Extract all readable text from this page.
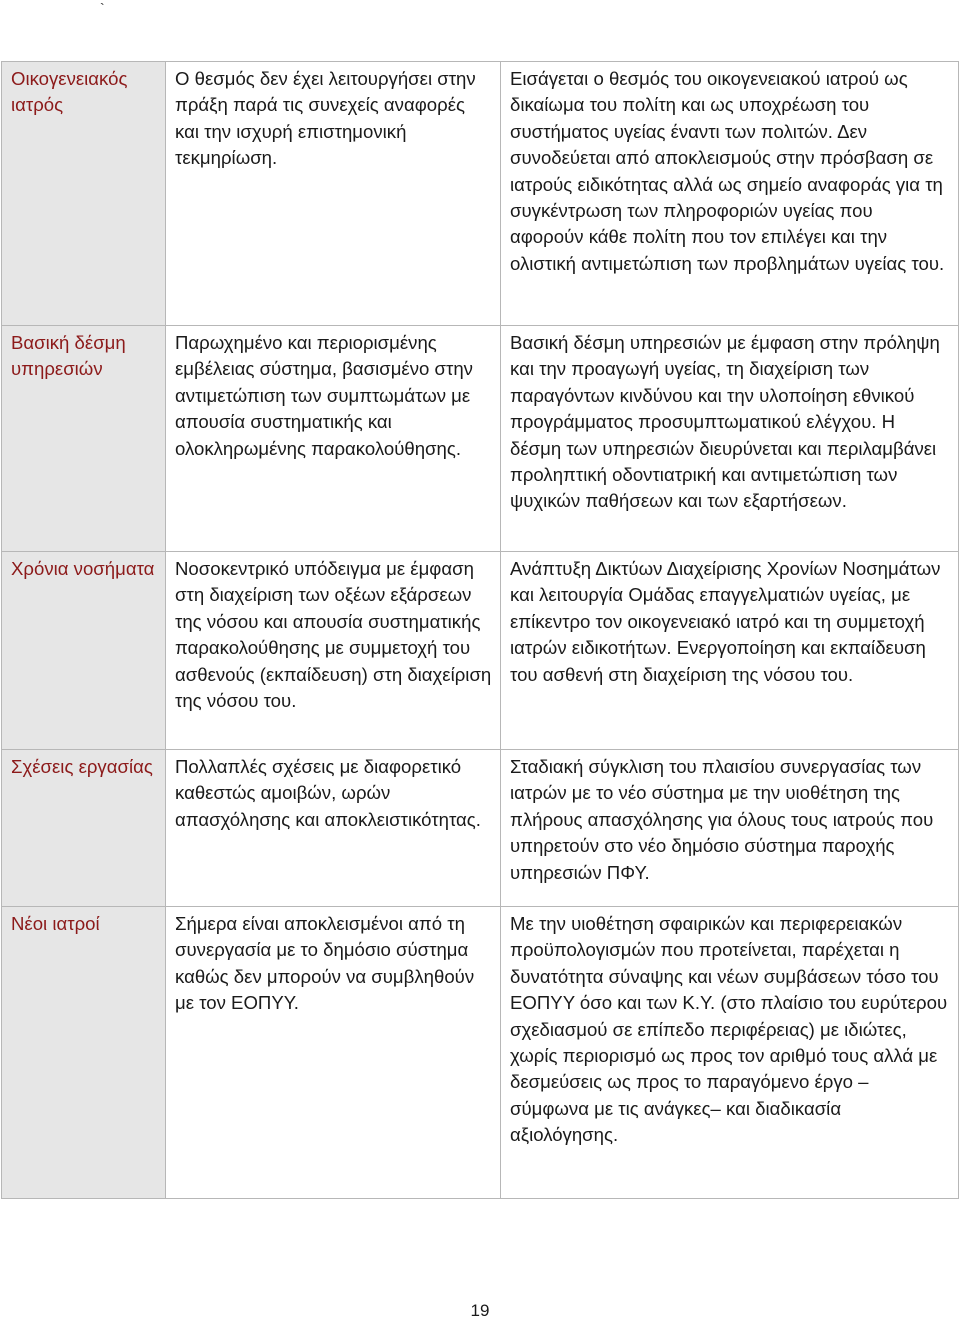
`
Οικογενειακός ιατρός	Ο θεσμός δεν έχει λειτουργήσει στην πράξη παρά τις συνεχείς αναφορές και την ισχυρή επιστημονική τεκμηρίωση.	Εισάγεται ο θεσμός του οικογενειακού ιατρού ως δικαίωμα του πολίτη και ως υποχρέωση του συστήματος υγείας έναντι των πολιτών. Δεν συνοδεύεται από αποκλεισμούς στην πρόσβαση σε ιατρούς ειδικότητας αλλά ως σημείο αναφοράς για τη συγκέντρωση των πληροφοριών υγείας που αφορούν κάθε πολίτη που τον επιλέγει και την ολιστική αντιμετώπιση των προβλημάτων υγείας του.
Βασική δέσμη υπηρεσιών	Παρωχημένο και περιορισμένης εμβέλειας σύστημα, βασισμένο στην αντιμετώπιση των συμπτωμάτων με απουσία συστηματικής και ολοκληρωμένης παρακολούθησης.	Βασική δέσμη υπηρεσιών με έμφαση στην πρόληψη και την προαγωγή υγείας, τη διαχείριση των παραγόντων κινδύνου και την υλοποίηση εθνικού προγράμματος προσυμπτωματικού ελέγχου. Η δέσμη των υπηρεσιών διευρύνεται και περιλαμβάνει προληπτική οδοντιατρική και αντιμετώπιση των ψυχικών παθήσεων και των εξαρτήσεων.
Χρόνια νοσήματα	Νοσοκεντρικό υπόδειγμα με έμφαση στη διαχείριση των οξέων εξάρσεων της νόσου και απουσία συστηματικής παρακολούθησης με συμμετοχή του ασθενούς (εκπαίδευση) στη διαχείριση της νόσου του.	Ανάπτυξη Δικτύων Διαχείρισης Χρονίων Νοσημάτων και λειτουργία Ομάδας επαγγελματιών υγείας, με επίκεντρο τον οικογενειακό ιατρό και τη συμμετοχή ιατρών ειδικοτήτων. Ενεργοποίηση και εκπαίδευση του ασθενή στη διαχείριση της νόσου του.
Σχέσεις εργασίας	Πολλαπλές σχέσεις με διαφορετικό καθεστώς αμοιβών, ωρών απασχόλησης και αποκλειστικότητας.	Σταδιακή σύγκλιση του πλαισίου συνεργασίας των ιατρών με το νέο σύστημα με την υιοθέτηση της πλήρους απασχόλησης για όλους τους ιατρούς που υπηρετούν στο νέο δημόσιο σύστημα παροχής υπηρεσιών ΠΦΥ.
Νέοι ιατροί	Σήμερα είναι αποκλεισμένοι από τη συνεργασία με το δημόσιο σύστημα καθώς δεν μπορούν να συμβληθούν με τον ΕΟΠΥΥ.	Με την υιοθέτηση σφαιρικών και περιφερειακών προϋπολογισμών που προτείνεται, παρέχεται η δυνατότητα σύναψης και νέων συμβάσεων τόσο του ΕΟΠΥΥ όσο και των Κ.Υ. (στο πλαίσιο του ευρύτερου σχεδιασμού σε επίπεδο περιφέρειας) με ιδιώτες, χωρίς περιορισμό ως προς τον αριθμό τους αλλά με δεσμεύσεις ως προς το παραγόμενο έργο – σύμφωνα με τις ανάγκες– και διαδικασία αξιολόγησης.
19
